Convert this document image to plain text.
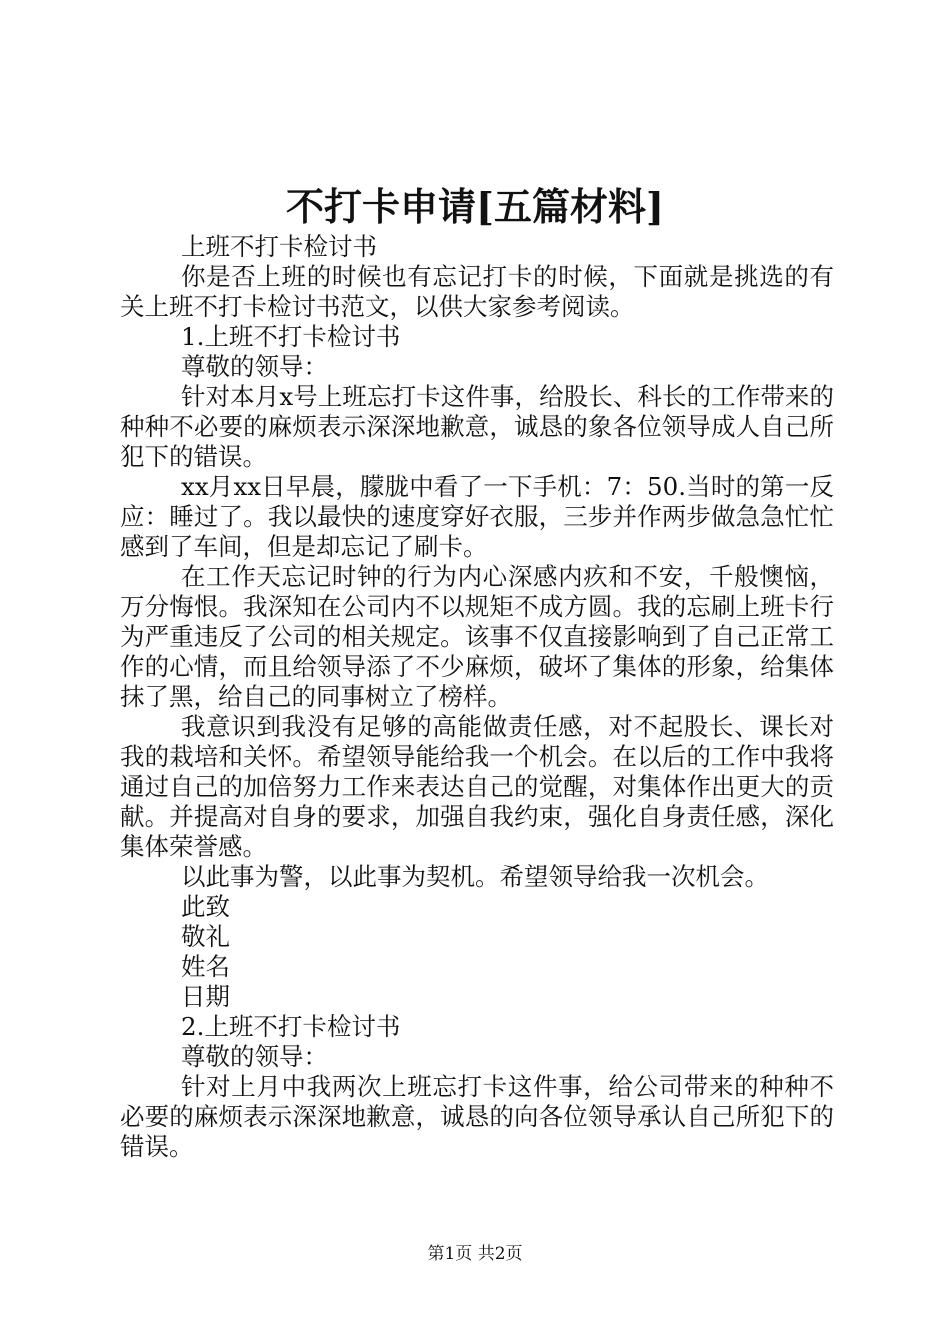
不打卡申请[五篇材料]

上班不打卡检讨书

你是否上班的时候也有忘记打卡的时候，下面就是挑选的有关上班不打卡检讨书范文，以供大家参考阅读。

1.上班不打卡检讨书

尊敬的领导：

针对本月x号上班忘打卡这件事，给股长、科长的工作带来的种种不必要的麻烦表示深深地歉意，诚恳的象各位领导成人自己所犯下的错误。

xx月xx日早晨，朦胧中看了一下手机：7：50.当时的第一反应：睡过了。我以最快的速度穿好衣服，三步并作两步做急急忙忙感到了车间，但是却忘记了刷卡。

在工作天忘记时钟的行为内心深感内疚和不安，千般懊恼，万分悔恨。我深知在公司内不以规矩不成方圆。我的忘刷上班卡行为严重违反了公司的相关规定。该事不仅直接影响到了自己正常工作的心情，而且给领导添了不少麻烦，破坏了集体的形象，给集体抹了黑，给自己的同事树立了榜样。

我意识到我没有足够的高能做责任感，对不起股长、课长对我的栽培和关怀。希望领导能给我一个机会。在以后的工作中我将通过自己的加倍努力工作来表达自己的觉醒，对集体作出更大的贡献。并提高对自身的要求，加强自我约束，强化自身责任感，深化集体荣誉感。

以此事为警，以此事为契机。希望领导给我一次机会。

此致

敬礼

姓名

日期

2.上班不打卡检讨书

尊敬的领导：

针对上月中我两次上班忘打卡这件事，给公司带来的种种不必要的麻烦表示深深地歉意，诚恳的向各位领导承认自己所犯下的错误。

第1页 共2页
